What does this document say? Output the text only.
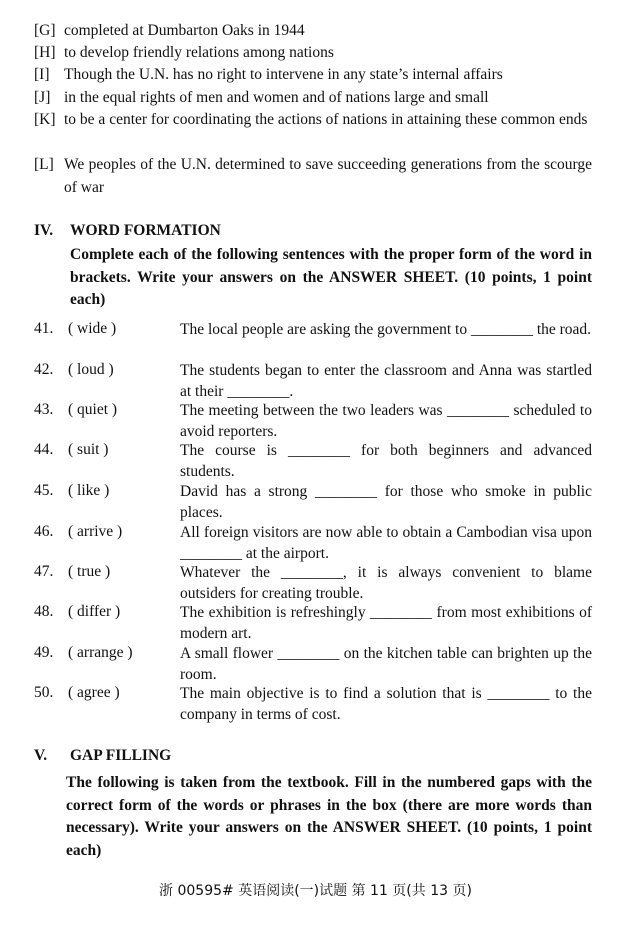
[G] completed at Dumbarton Oaks in 1944
[H] to develop friendly relations among nations
[I] Though the U.N. has no right to intervene in any state’s internal affairs
[J] in the equal rights of men and women and of nations large and small
[K] to be a center for coordinating the actions of nations in attaining these common ends
[L] We peoples of the U.N. determined to save succeeding generations from the scourge of war
IV. WORD FORMATION
Complete each of the following sentences with the proper form of the word in brackets. Write your answers on the ANSWER SHEET. (10 points, 1 point each)
41. ( wide )	The local people are asking the government to ________ the road.
42. ( loud )	The students began to enter the classroom and Anna was startled at their ________.
43. ( quiet )	The meeting between the two leaders was ________ scheduled to avoid reporters.
44. ( suit )	The course is ________ for both beginners and advanced students.
45. ( like )	David has a strong ________ for those who smoke in public places.
46. ( arrive )	All foreign visitors are now able to obtain a Cambodian visa upon ________ at the airport.
47. ( true )	Whatever the ________, it is always convenient to blame outsiders for creating trouble.
48. ( differ )	The exhibition is refreshingly ________ from most exhibitions of modern art.
49. ( arrange )	A small flower ________ on the kitchen table can brighten up the room.
50. ( agree )	The main objective is to find a solution that is ________ to the company in terms of cost.
V. GAP FILLING
The following is taken from the textbook. Fill in the numbered gaps with the correct form of the words or phrases in the box (there are more words than necessary). Write your answers on the ANSWER SHEET. (10 points, 1 point each)
浙 00595# 英语阅读(一)试题 第 11 页(共 13 页)
